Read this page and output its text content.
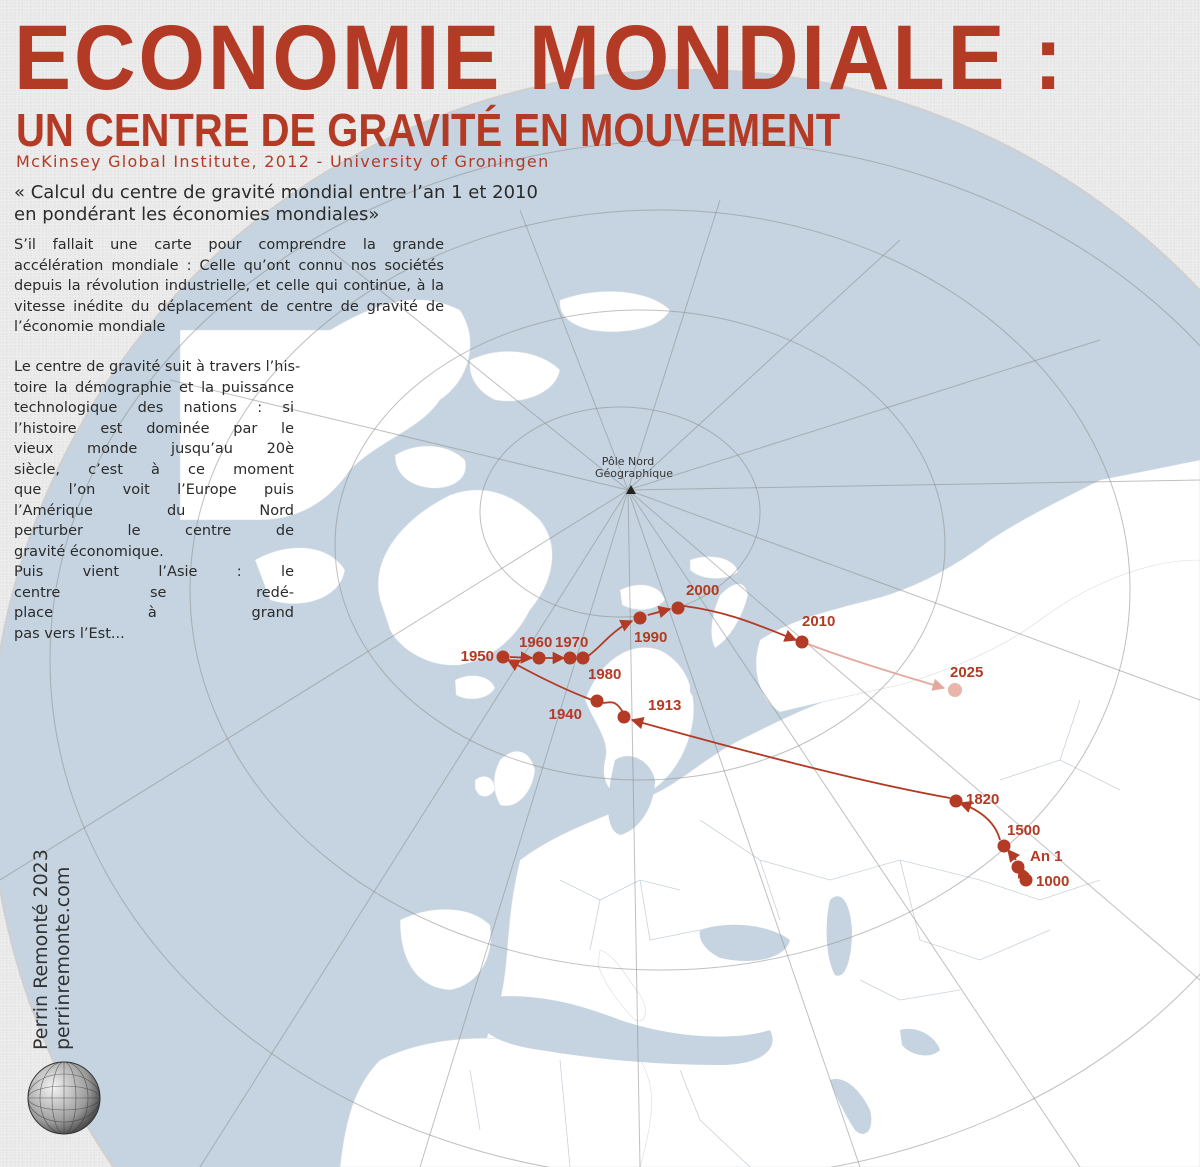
Pôle Nord
Géographique
1000
An 1
1500
1820
1913
1940
1950
1960 1970
1980
1990
2000
2010
2025
ECONOMIE MONDIALE :
UN CENTRE DE GRAVITÉ EN MOUVEMENT
McKinsey Global Institute, 2012 - University of Groningen
« Calcul du centre de gravité mondial entre l’an 1 et 2010
en pondérant les économies mondiales»
S’il fallait une carte pour comprendre la grande accélération mondiale : Celle qu’ont connu nos sociétés depuis la révolution industrielle, et celle qui continue, à la vitesse inédite du déplacement de centre de gravité de l’économie mondiale
Le centre de gravité suit à travers l’his-
toire la démographie et la puissance
technologique des nations : si
l’histoire est dominée par le
vieux monde jusqu’au 20è
siècle, c’est à ce moment
que l’on voit l’Europe puis
l’Amérique du Nord
perturber le centre de
gravité économique.
Puis vient l’Asie : le
centre se redé-
place à grand
pas vers l’Est...
Perrin Remonté 2023 perrinremonte.com
